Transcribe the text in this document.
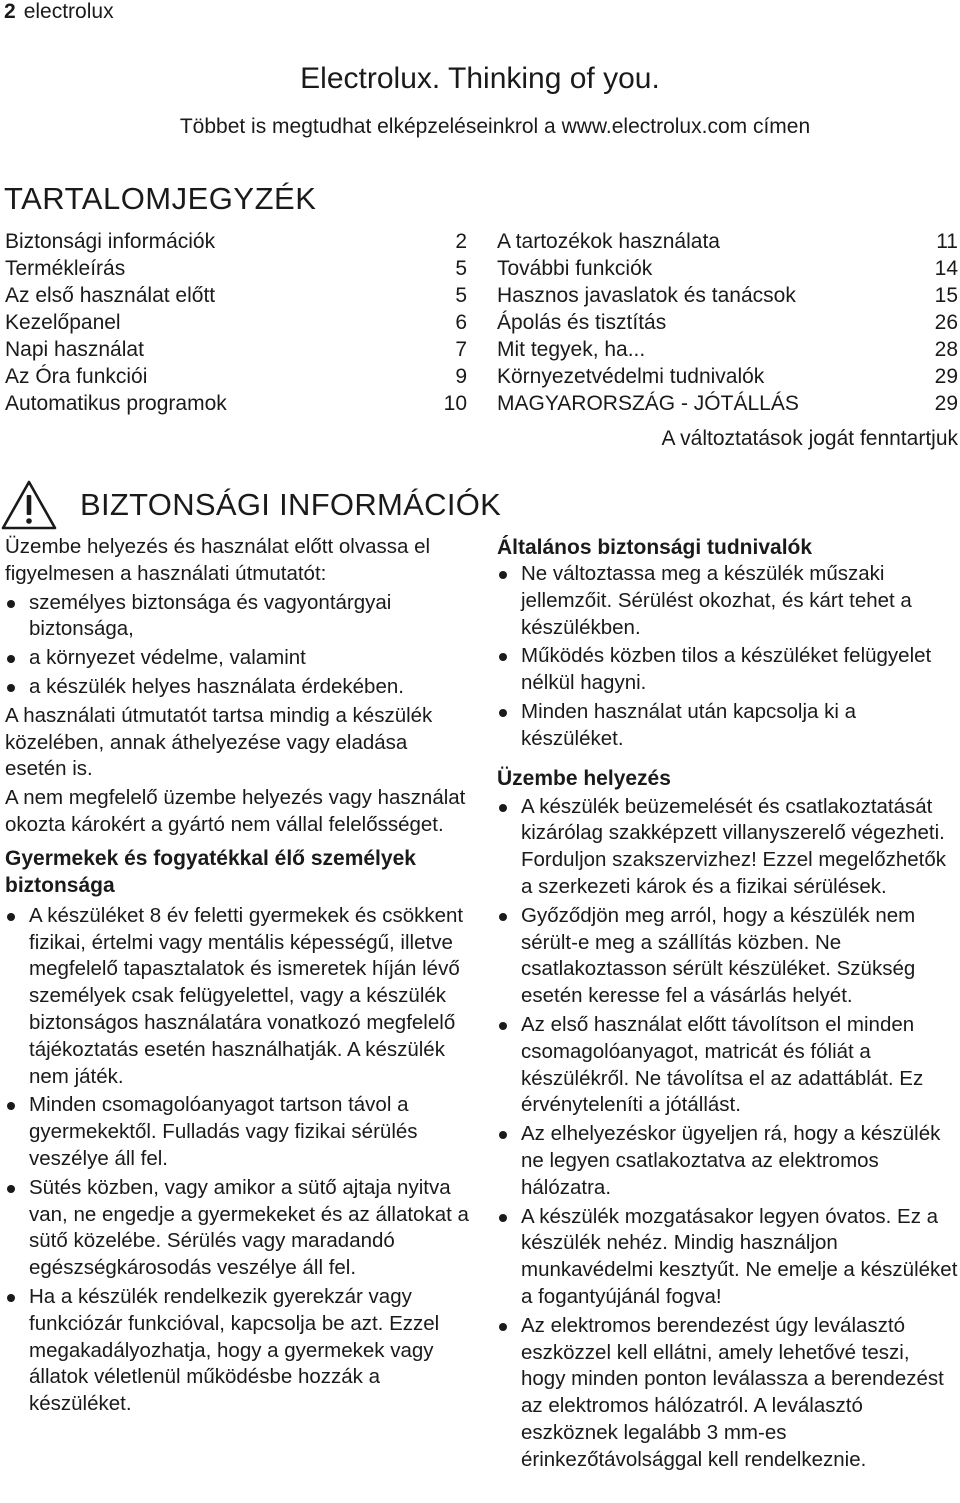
2 electrolux
Electrolux. Thinking of you.
Többet is megtudhat elképzeléseinkrol a www.electrolux.com címen
TARTALOMJEGYZÉK
Biztonsági információk	2
Termékleírás	5
Az első használat előtt	5
Kezelőpanel	6
Napi használat	7
Az Óra funkciói	9
Automatikus programok	10
A tartozékok használata	11
További funkciók	14
Hasznos javaslatok és tanácsok	15
Ápolás és tisztítás	26
Mit tegyek, ha...	28
Környezetvédelmi tudnivalók	29
MAGYARORSZÁG - JÓTÁLLÁS	29
A változtatások jogát fenntartjuk
BIZTONSÁGI INFORMÁCIÓK
Üzembe helyezés és használat előtt olvassa el figyelmesen a használati útmutatót:
személyes biztonsága és vagyontárgyai biztonsága,
a környezet védelme, valamint
a készülék helyes használata érdekében.
A használati útmutatót tartsa mindig a készülék közelében, annak áthelyezése vagy eladása esetén is.
A nem megfelelő üzembe helyezés vagy használat okozta károkért a gyártó nem vállal felelősséget.
Gyermekek és fogyatékkal élő személyek biztonsága
A készüléket 8 év feletti gyermekek és csökkent fizikai, értelmi vagy mentális képességű, illetve megfelelő tapasztalatok és ismeretek híján lévő személyek csak felügyelettel, vagy a készülék biztonságos használatára vonatkozó megfelelő tájékoztatás esetén használhatják. A készülék nem játék.
Minden csomagolóanyagot tartson távol a gyermekektől. Fulladás vagy fizikai sérülés veszélye áll fel.
Sütés közben, vagy amikor a sütő ajtaja nyitva van, ne engedje a gyermekeket és az állatokat a sütő közelébe. Sérülés vagy maradandó egészségkárosodás veszélye áll fel.
Ha a készülék rendelkezik gyerekzár vagy funkciózár funkcióval, kapcsolja be azt. Ezzel megakadályozhatja, hogy a gyermekek vagy állatok véletlenül működésbe hozzák a készüléket.
Általános biztonsági tudnivalók
Ne változtassa meg a készülék műszaki jellemzőit. Sérülést okozhat, és kárt tehet a készülékben.
Működés közben tilos a készüléket felügyelet nélkül hagyni.
Minden használat után kapcsolja ki a készüléket.
Üzembe helyezés
A készülék beüzemelését és csatlakoztatását kizárólag szakképzett villanyszerelő végezheti. Forduljon szakszervizhez! Ezzel megelőzhetők a szerkezeti károk és a fizikai sérülések.
Győződjön meg arról, hogy a készülék nem sérült-e meg a szállítás közben. Ne csatlakoztasson sérült készüléket. Szükség esetén keresse fel a vásárlás helyét.
Az első használat előtt távolítson el minden csomagolóanyagot, matricát és fóliát a készülékről. Ne távolítsa el az adattáblát. Ez érvényteleníti a jótállást.
Az elhelyezéskor ügyeljen rá, hogy a készülék ne legyen csatlakoztatva az elektromos hálózatra.
A készülék mozgatásakor legyen óvatos. Ez a készülék nehéz. Mindig használjon munkavédelmi kesztyűt. Ne emelje a készüléket a fogantyújánál fogva!
Az elektromos berendezést úgy leválasztó eszközzel kell ellátni, amely lehetővé teszi, hogy minden ponton leválassza a berendezést az elektromos hálózatról. A leválasztó eszköznek legalább 3 mm-es érinkezőtávolsággal kell rendelkeznie.
